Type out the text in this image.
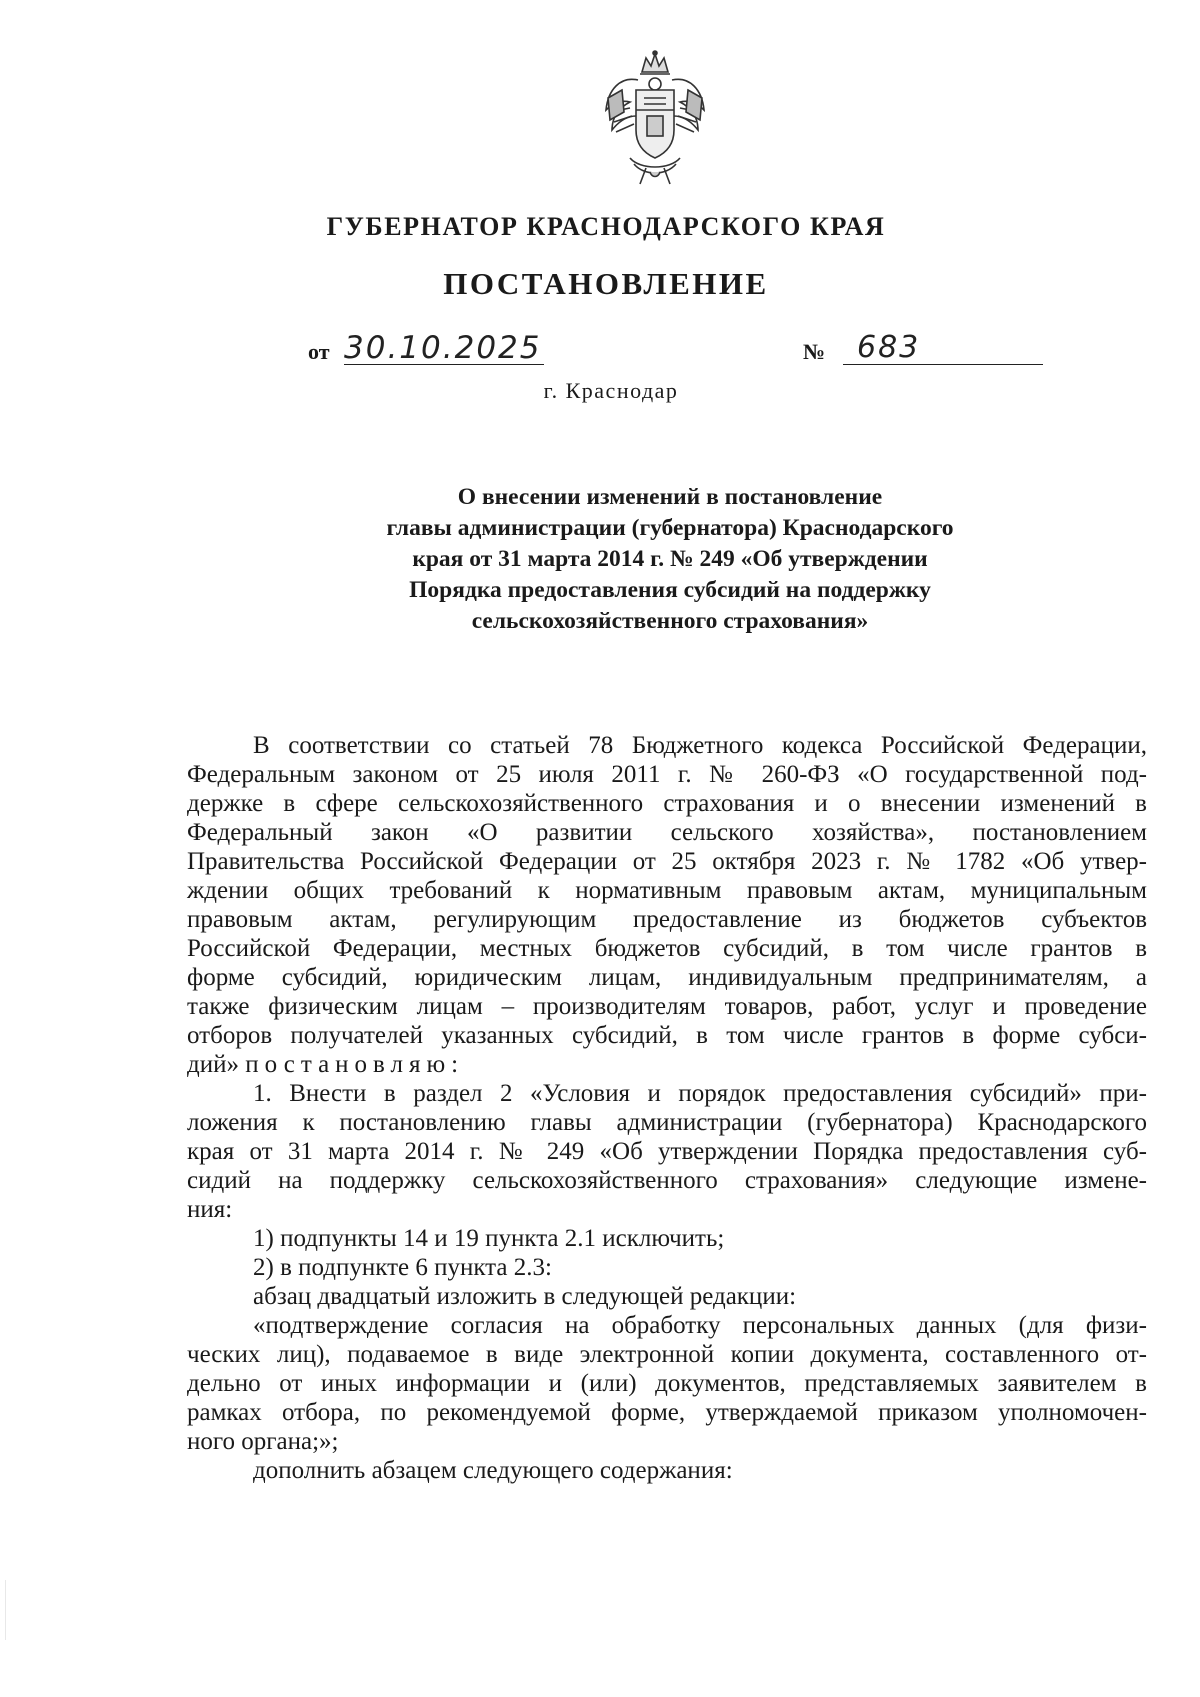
ГУБЕРНАТОР КРАСНОДАРСКОГО КРАЯ
ПОСТАНОВЛЕНИЕ
от 30.10.2025	№ 683
г. Краснодар
О внесении изменений в постановление
главы администрации (губернатора) Краснодарского
края от 31 марта 2014 г. № 249 «Об утверждении
Порядка предоставления субсидий на поддержку
сельскохозяйственного страхования»
В соответствии со статьей 78 Бюджетного кодекса Российской Федерации,
Федеральным законом от 25 июля 2011 г. № 260-ФЗ «О государственной под-
держке в сфере сельскохозяйственного страхования и о внесении изменений в
Федеральный закон «О развитии сельского хозяйства», постановлением
Правительства Российской Федерации от 25 октября 2023 г. № 1782 «Об утвер-
ждении общих требований к нормативным правовым актам, муниципальным
правовым актам, регулирующим предоставление из бюджетов субъектов
Российской Федерации, местных бюджетов субсидий, в том числе грантов в
форме субсидий, юридическим лицам, индивидуальным предпринимателям, а
также физическим лицам – производителям товаров, работ, услуг и проведение
отборов получателей указанных субсидий, в том числе грантов в форме субси-
дий» постановляю:
1. Внести в раздел 2 «Условия и порядок предоставления субсидий» при-
ложения к постановлению главы администрации (губернатора) Краснодарского
края от 31 марта 2014 г. № 249 «Об утверждении Порядка предоставления суб-
сидий на поддержку сельскохозяйственного страхования» следующие измене-
ния:
1) подпункты 14 и 19 пункта 2.1 исключить;
2) в подпункте 6 пункта 2.3:
абзац двадцатый изложить в следующей редакции:
«подтверждение согласия на обработку персональных данных (для физи-
ческих лиц), подаваемое в виде электронной копии документа, составленного от-
дельно от иных информации и (или) документов, представляемых заявителем в
рамках отбора, по рекомендуемой форме, утверждаемой приказом уполномочен-
ного органа;»;
дополнить абзацем следующего содержания:
